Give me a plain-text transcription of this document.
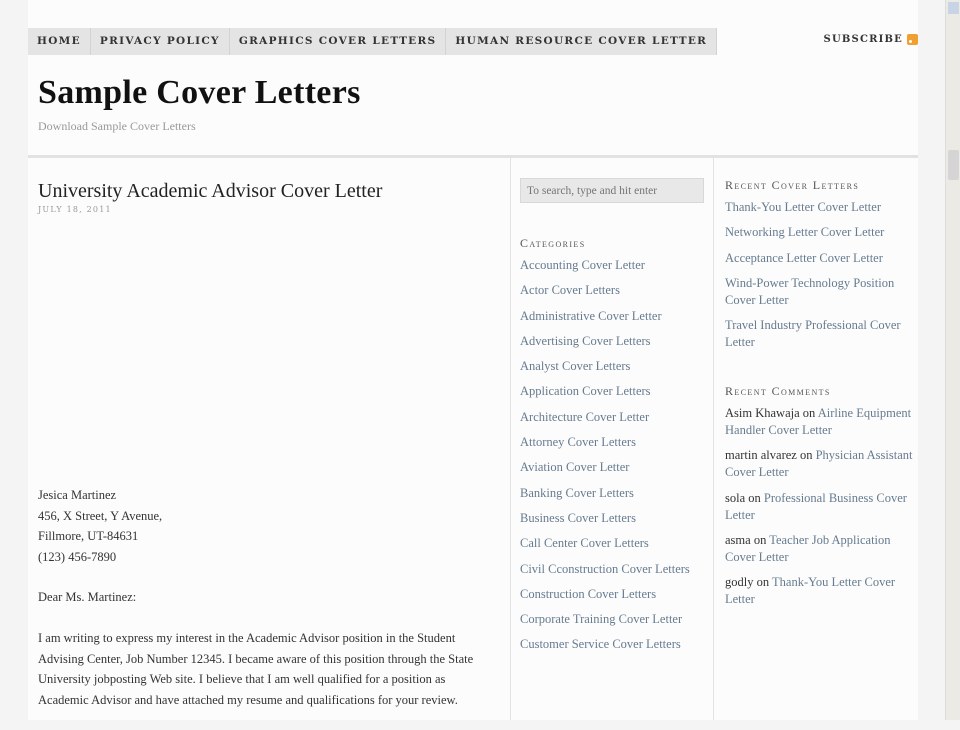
HOME	PRIVACY POLICY	GRAPHICS COVER LETTERS	HUMAN RESOURCE COVER LETTER	SUBSCRIBE
Sample Cover Letters
Download Sample Cover Letters
University Academic Advisor Cover Letter
JULY 18, 2011

Jesica Martinez
456, X Street, Y Avenue,
Fillmore, UT-84631
(123) 456-7890

Dear Ms. Martinez:

I am writing to express my interest in the Academic Advisor position in the Student Advising Center, Job Number 12345. I became aware of this position through the State University jobposting Web site. I believe that I am well qualified for a position as Academic Advisor and have attached my resume and qualifications for your review.

To search, type and hit enter
Categories
Accounting Cover Letter
Actor Cover Letters
Administrative Cover Letter
Advertising Cover Letters
Analyst Cover Letters
Application Cover Letters
Architecture Cover Letter
Attorney Cover Letters
Aviation Cover Letter
Banking Cover Letters
Business Cover Letters
Call Center Cover Letters
Civil Cconstruction Cover Letters
Construction Cover Letters
Corporate Training Cover Letter
Customer Service Cover Letters
Recent Cover Letters
Thank-You Letter Cover Letter
Networking Letter Cover Letter
Acceptance Letter Cover Letter
Wind-Power Technology Position Cover Letter
Travel Industry Professional Cover Letter
Recent Comments
Asim Khawaja on Airline Equipment Handler Cover Letter
martin alvarez on Physician Assistant Cover Letter
sola on Professional Business Cover Letter
asma on Teacher Job Application Cover Letter
godly on Thank-You Letter Cover Letter
